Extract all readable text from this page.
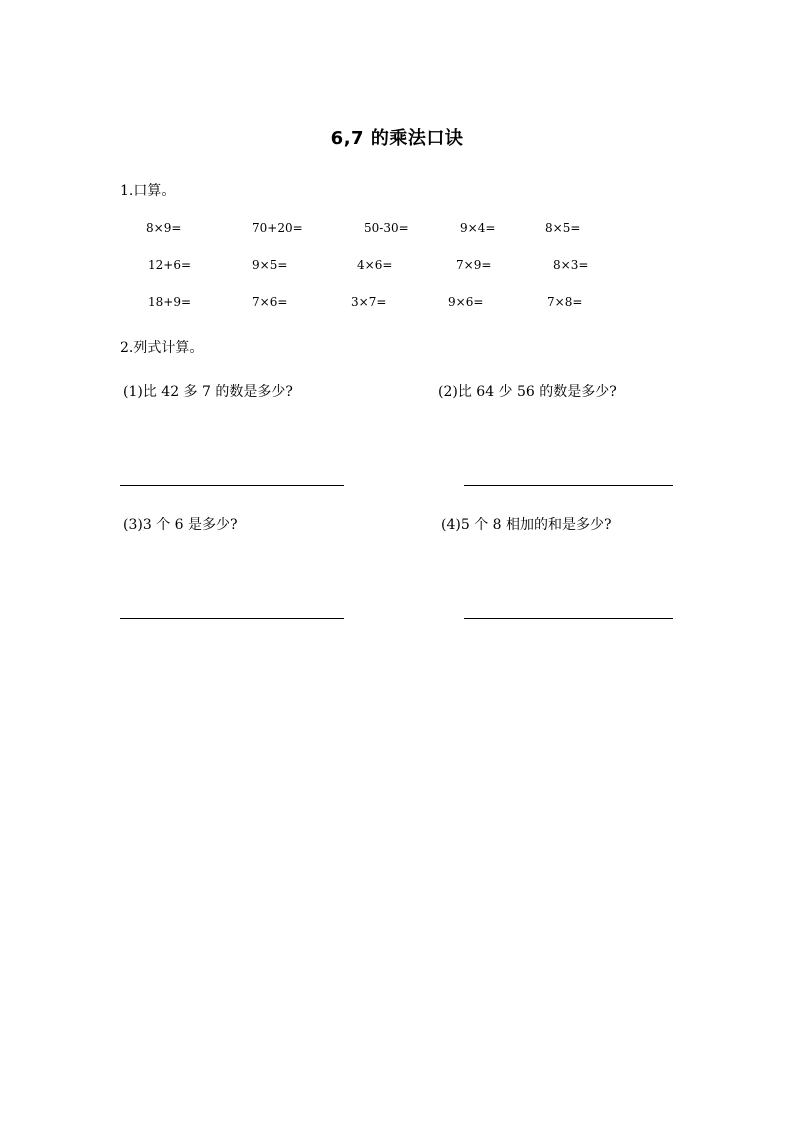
6,7 的乘法口诀
1.口算。
8×9=	70+20=	50-30=	9×4=	8×5=
12+6=	9×5=	4×6=	7×9=	8×3=
18+9=	7×6=	3×7=	9×6=	7×8=
2.列式计算。
(1)比 42 多 7 的数是多少?	(2)比 64 少 56 的数是多少?
(3)3 个 6 是多少?	(4)5 个 8 相加的和是多少?
